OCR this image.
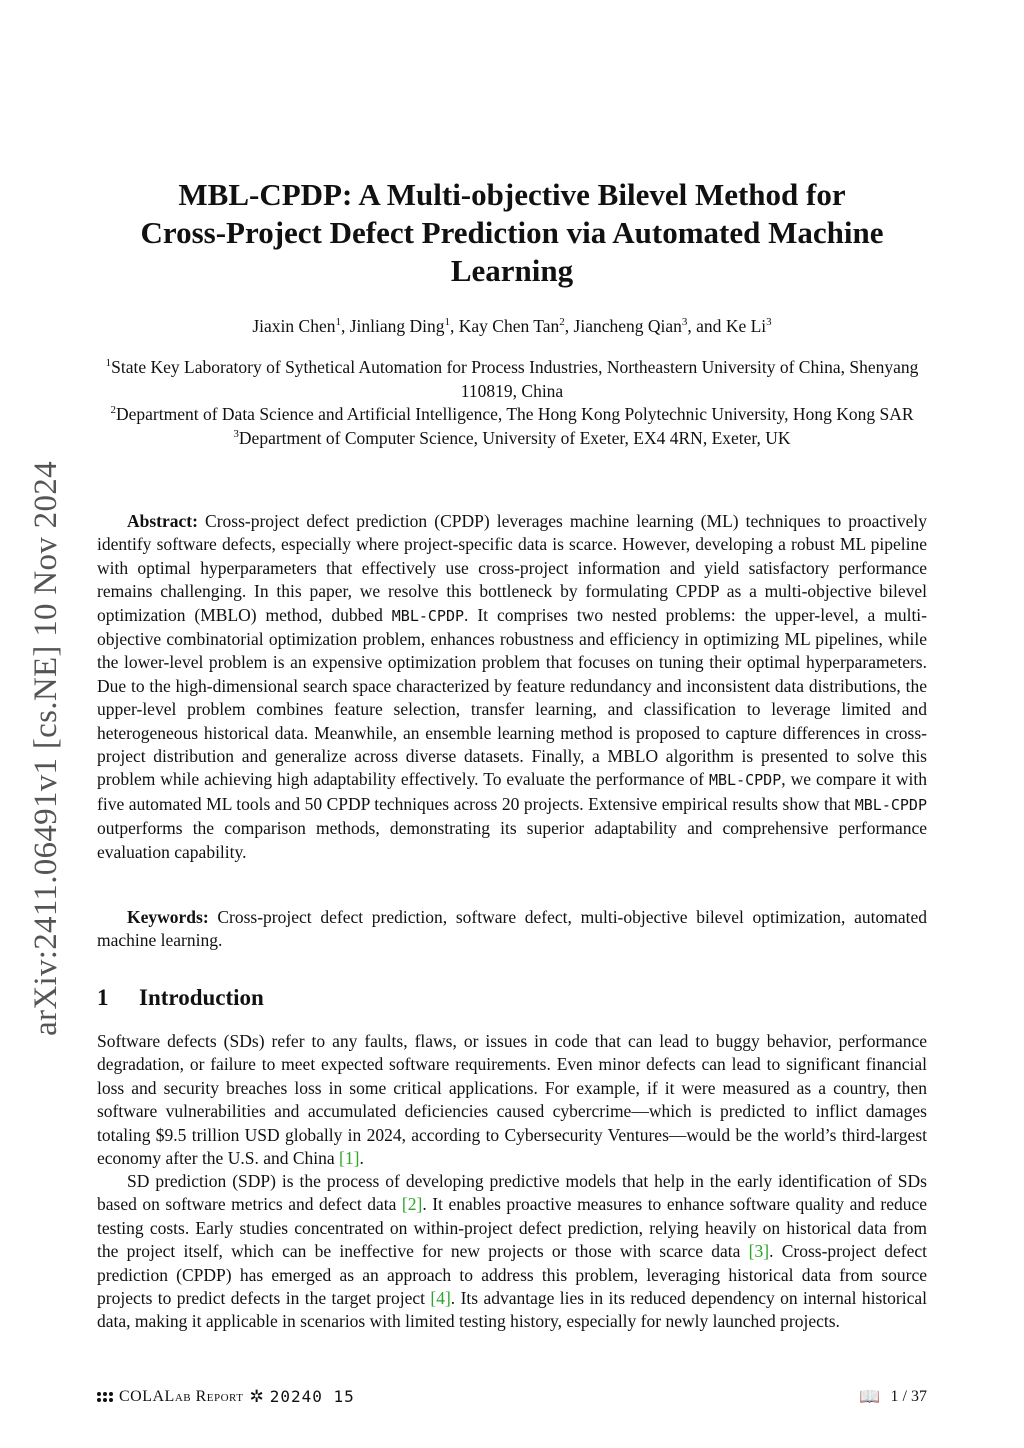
arXiv:2411.06491v1 [cs.NE] 10 Nov 2024
MBL-CPDP: A Multi-objective Bilevel Method for
Cross-Project Defect Prediction via Automated Machine
Learning
Jiaxin Chen$^1$, Jinliang Ding$^1$, Kay Chen Tan$^2$, Jiancheng Qian$^3$, and Ke Li$^3$
$^1$State Key Laboratory of Sythetical Automation for Process Industries, Northeastern University of China, Shenyang 110819, China
$^2$Department of Data Science and Artificial Intelligence, The Hong Kong Polytechnic University, Hong Kong SAR
$^3$Department of Computer Science, University of Exeter, EX4 4RN, Exeter, UK
Abstract: Cross-project defect prediction (CPDP) leverages machine learning (ML) techniques to proactively identify software defects, especially where project-specific data is scarce. However, developing a robust ML pipeline with optimal hyperparameters that effectively use cross-project information and yield satisfactory performance remains challenging. In this paper, we resolve this bottleneck by formulating CPDP as a multi-objective bilevel optimization (MBLO) method, dubbed MBL-CPDP. It comprises two nested problems: the upper-level, a multi-objective combinatorial optimization problem, enhances robustness and efficiency in optimizing ML pipelines, while the lower-level problem is an expensive optimization problem that focuses on tuning their optimal hyperparameters. Due to the high-dimensional search space characterized by feature redundancy and inconsistent data distributions, the upper-level problem combines feature selection, transfer learning, and classification to leverage limited and heterogeneous historical data. Meanwhile, an ensemble learning method is proposed to capture differences in cross-project distribution and generalize across diverse datasets. Finally, a MBLO algorithm is presented to solve this problem while achieving high adaptability effectively. To evaluate the performance of MBL-CPDP, we compare it with five automated ML tools and 50 CPDP techniques across 20 projects. Extensive empirical results show that MBL-CPDP outperforms the comparison methods, demonstrating its superior adaptability and comprehensive performance evaluation capability.
Keywords: Cross-project defect prediction, software defect, multi-objective bilevel optimization, automated machine learning.
1 Introduction
Software defects (SDs) refer to any faults, flaws, or issues in code that can lead to buggy behavior, performance degradation, or failure to meet expected software requirements. Even minor defects can lead to significant financial loss and security breaches loss in some critical applications. For example, if it were measured as a country, then software vulnerabilities and accumulated deficiencies caused cybercrime—which is predicted to inflict damages totaling $9.5 trillion USD globally in 2024, according to Cybersecurity Ventures—would be the world’s third-largest economy after the U.S. and China [1].
SD prediction (SDP) is the process of developing predictive models that help in the early identification of SDs based on software metrics and defect data [2]. It enables proactive measures to enhance software quality and reduce testing costs. Early studies concentrated on within-project defect prediction, relying heavily on historical data from the project itself, which can be ineffective for new projects or those with scarce data [3]. Cross-project defect prediction (CPDP) has emerged as an approach to address this problem, leveraging historical data from source projects to predict defects in the target project [4]. Its advantage lies in its reduced dependency on internal historical data, making it applicable in scenarios with limited testing history, especially for newly launched projects.
COLALab Report ✲ 20240 15	📖 1 / 37
